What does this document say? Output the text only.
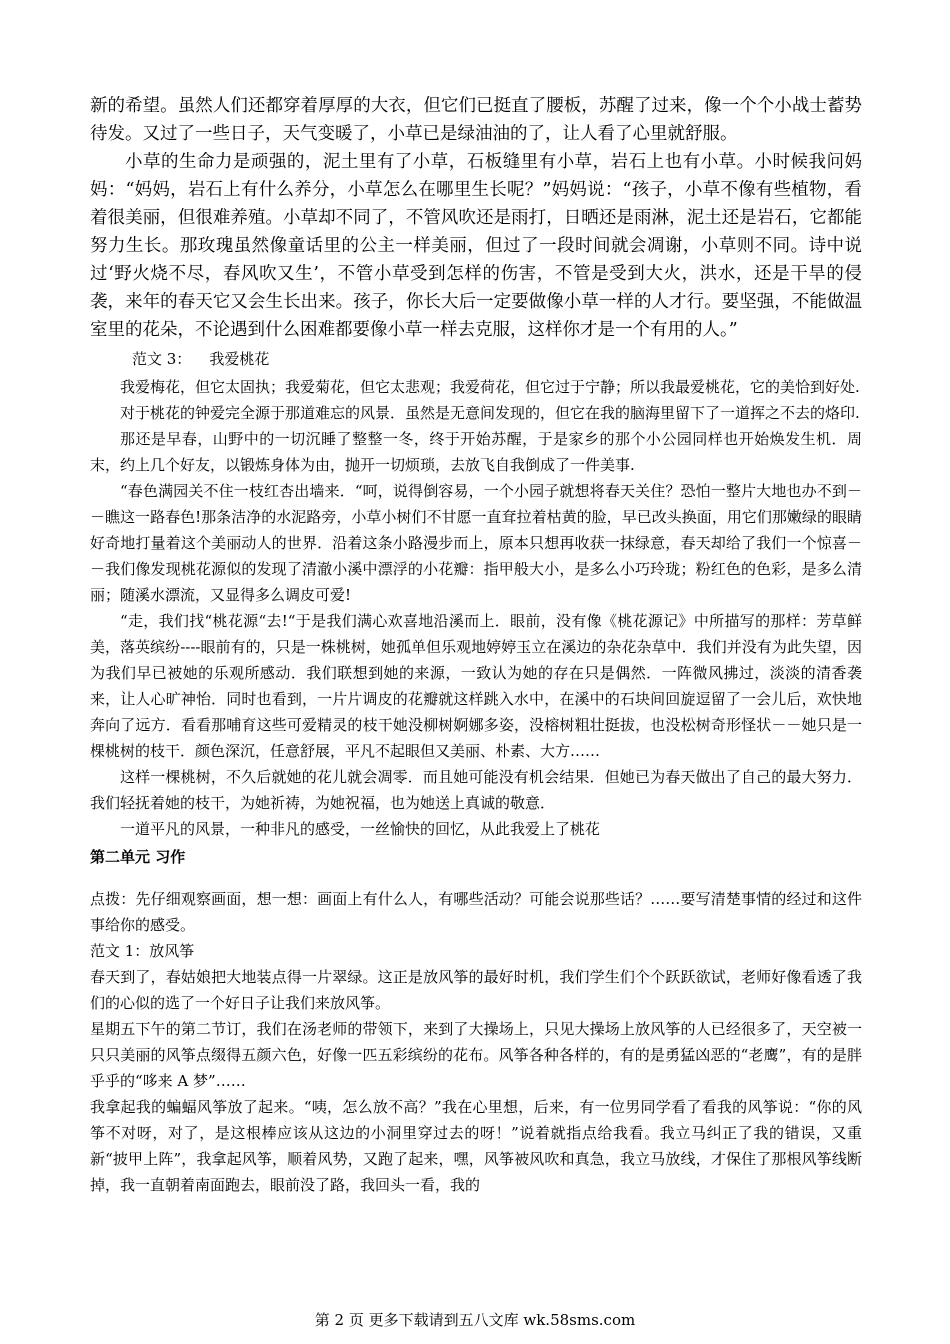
新的希望。虽然人们还都穿着厚厚的大衣，但它们已挺直了腰板，苏醒了过来，像一个个小战士蓄势待发。又过了一些日子，天气变暖了，小草已是绿油油的了，让人看了心里就舒服。

小草的生命力是顽强的，泥土里有了小草，石板缝里有小草，岩石上也有小草。小时候我问妈妈：“妈妈，岩石上有什么养分，小草怎么在哪里生长呢？”妈妈说：“孩子，小草不像有些植物，看着很美丽，但很难养殖。小草却不同了，不管风吹还是雨打，日晒还是雨淋，泥土还是岩石，它都能努力生长。那玫瑰虽然像童话里的公主一样美丽，但过了一段时间就会凋谢，小草则不同。诗中说过‘野火烧不尽，春风吹又生’，不管小草受到怎样的伤害，不管是受到大火，洪水，还是干旱的侵袭，来年的春天它又会生长出来。孩子，你长大后一定要做像小草一样的人才行。要坚强，不能做温室里的花朵，不论遇到什么困难都要像小草一样去克服，这样你才是一个有用的人。”

范文 3： 我爱桃花

我爱梅花，但它太固执；我爱菊花，但它太悲观；我爱荷花，但它过于宁静；所以我最爱桃花，它的美恰到好处.

对于桃花的钟爱完全源于那道难忘的风景．虽然是无意间发现的，但它在我的脑海里留下了一道挥之不去的烙印.

那还是早春，山野中的一切沉睡了整整一冬，终于开始苏醒，于是家乡的那个小公园同样也开始焕发生机．周末，约上几个好友，以锻炼身体为由，抛开一切烦琐，去放飞自我倒成了一件美事.

“春色满园关不住一枝红杏出墙来．“呵，说得倒容易，一个小园子就想将春天关住？恐怕一整片大地也办不到－－瞧这一路春色!那条洁净的水泥路旁，小草小树们不甘愿一直耷拉着枯黄的脸，早已改头换面，用它们那嫩绿的眼睛好奇地打量着这个美丽动人的世界．沿着这条小路漫步而上，原本只想再收获一抹绿意，春天却给了我们一个惊喜－－我们像发现桃花源似的发现了清澈小溪中漂浮的小花瓣：指甲般大小，是多么小巧玲珑；粉红色的色彩，是多么清丽；随溪水漂流，又显得多么调皮可爱!

“走，我们找“桃花源“去!“于是我们满心欢喜地沿溪而上．眼前，没有像《桃花源记》中所描写的那样：芳草鲜美，落英缤纷----眼前有的，只是一株桃树，她孤单但乐观地婷婷玉立在溪边的杂花杂草中．我们并没有为此失望，因为我们早已被她的乐观所感动．我们联想到她的来源，一致认为她的存在只是偶然．一阵微风拂过，淡淡的清香袭来，让人心旷神怡．同时也看到，一片片调皮的花瓣就这样跳入水中，在溪中的石块间回旋逗留了一会儿后，欢快地奔向了远方．看看那哺育这些可爱精灵的枝干她没柳树婀娜多姿，没榕树粗壮挺拔，也没松树奇形怪状－－她只是一棵桃树的枝干．颜色深沉，任意舒展，平凡不起眼但又美丽、朴素、大方……

这样一棵桃树，不久后就她的花儿就会凋零．而且她可能没有机会结果．但她已为春天做出了自己的最大努力．我们轻抚着她的枝干，为她祈祷，为她祝福，也为她送上真诚的敬意．

一道平凡的风景，一种非凡的感受，一丝愉快的回忆，从此我爱上了桃花

第二单元 习作

点拨：先仔细观察画面，想一想：画面上有什么人，有哪些活动？可能会说那些话？……要写清楚事情的经过和这件事给你的感受。

范文 1：放风筝

春天到了，春姑娘把大地装点得一片翠绿。这正是放风筝的最好时机，我们学生们个个跃跃欲试，老师好像看透了我们的心似的选了一个好日子让我们来放风筝。

星期五下午的第二节订，我们在汤老师的带领下，来到了大操场上，只见大操场上放风筝的人已经很多了，天空被一只只美丽的风筝点缀得五颜六色，好像一匹五彩缤纷的花布。风筝各种各样的，有的是勇猛凶恶的“老鹰”，有的是胖乎乎的“哆来 A 梦”……

我拿起我的蝙蝠风筝放了起来。“咦，怎么放不高？”我在心里想，后来，有一位男同学看了看我的风筝说：“你的风筝不对呀，对了，是这根棒应该从这边的小洞里穿过去的呀！”说着就指点给我看。我立马纠正了我的错误，又重新“披甲上阵”，我拿起风筝，顺着风势，又跑了起来，嘿，风筝被风吹和真急，我立马放线，才保住了那根风筝线断掉，我一直朝着南面跑去，眼前没了路，我回头一看，我的

第 2 页 更多下载请到五八文库 wk.58sms.com
